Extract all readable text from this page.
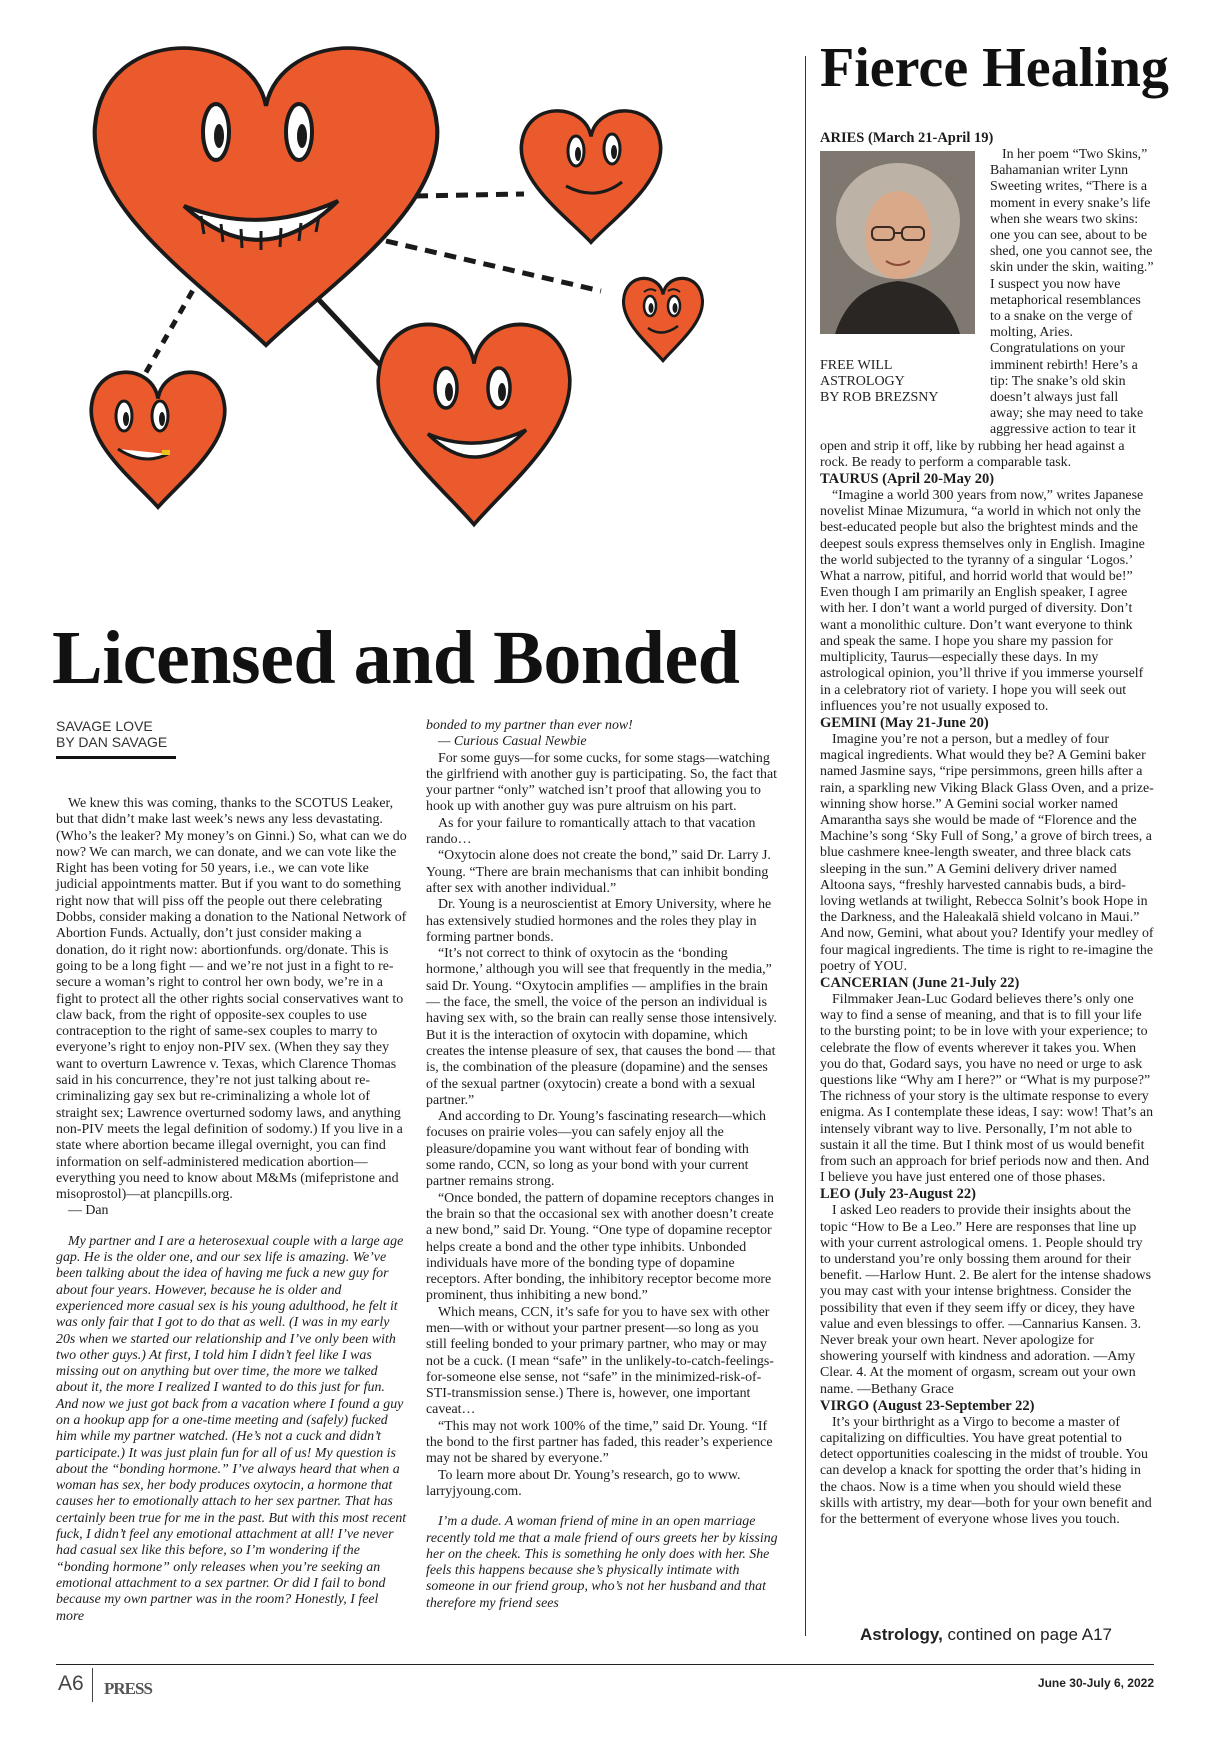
Licensed and Bonded
SAVAGE LOVE
BY DAN SAVAGE

We knew this was coming, thanks to the SCOTUS Leaker, but that didn’t make last week’s news any less devastating. (Who’s the leaker? My money’s on Ginni.) So, what can we do now? We can march, we can donate, and we can vote like the Right has been voting for 50 years, i.e., we can vote like judicial appointments matter. But if you want to do something right now that will piss off the people out there celebrating Dobbs, consider making a donation to the National Network of Abortion Funds. Actually, don’t just consider making a donation, do it right now: abortionfunds. org/donate. This is going to be a long fight — and we’re not just in a fight to re-secure a woman’s right to control her own body, we’re in a fight to protect all the other rights social conservatives want to claw back, from the right of opposite-sex couples to use contraception to the right of same-sex couples to marry to everyone’s right to enjoy non-PIV sex. (When they say they want to overturn Lawrence v. Texas, which Clarence Thomas said in his concurrence, they’re not just talking about re-criminalizing gay sex but re-criminalizing a whole lot of straight sex; Lawrence overturned sodomy laws, and anything non-PIV meets the legal definition of sodomy.) If you live in a state where abortion became illegal overnight, you can find information on self-administered medication abortion—everything you need to know about M&Ms (mifepristone and misoprostol)—at plancpills.org.

— Dan

My partner and I are a heterosexual couple with a large age gap. He is the older one, and our sex life is amazing. We’ve been talking about the idea of having me fuck a new guy for about four years. However, because he is older and experienced more casual sex is his young adulthood, he felt it was only fair that I got to do that as well. (I was in my early 20s when we started our relationship and I’ve only been with two other guys.) At first, I told him I didn’t feel like I was missing out on anything but over time, the more we talked about it, the more I realized I wanted to do this just for fun. And now we just got back from a vacation where I found a guy on a hookup app for a one-time meeting and (safely) fucked him while my partner watched. (He’s not a cuck and didn’t participate.) It was just plain fun for all of us! My question is about the “bonding hormone.” I’ve always heard that when a woman has sex, her body produces oxytocin, a hormone that causes her to emotionally attach to her sex partner. That has certainly been true for me in the past. But with this most recent fuck, I didn’t feel any emotional attachment at all! I’ve never had casual sex like this before, so I’m wondering if the “bonding hormone” only releases when you’re seeking an emotional attachment to a sex partner. Or did I fail to bond because my own partner was in the room? Honestly, I feel more

bonded to my partner than ever now!

— Curious Casual Newbie

For some guys—for some cucks, for some stags—watching the girlfriend with another guy is participating. So, the fact that your partner “only” watched isn’t proof that allowing you to hook up with another guy was pure altruism on his part.

As for your failure to romantically attach to that vacation rando…

“Oxytocin alone does not create the bond,” said Dr. Larry J. Young. “There are brain mechanisms that can inhibit bonding after sex with another individual.”

Dr. Young is a neuroscientist at Emory University, where he has extensively studied hormones and the roles they play in forming partner bonds.

“It’s not correct to think of oxytocin as the ‘bonding hormone,’ although you will see that frequently in the media,” said Dr. Young. “Oxytocin amplifies — amplifies in the brain — the face, the smell, the voice of the person an individual is having sex with, so the brain can really sense those intensively. But it is the interaction of oxytocin with dopamine, which creates the intense pleasure of sex, that causes the bond — that is, the combination of the pleasure (dopamine) and the senses of the sexual partner (oxytocin) create a bond with a sexual partner.”

And according to Dr. Young’s fascinating research—which focuses on prairie voles—you can safely enjoy all the pleasure/dopamine you want without fear of bonding with some rando, CCN, so long as your bond with your current partner remains strong.

“Once bonded, the pattern of dopamine receptors changes in the brain so that the occasional sex with another doesn’t create a new bond,” said Dr. Young. “One type of dopamine receptor helps create a bond and the other type inhibits. Unbonded individuals have more of the bonding type of dopamine receptors. After bonding, the inhibitory receptor become more prominent, thus inhibiting a new bond.”

Which means, CCN, it’s safe for you to have sex with other men—with or without your partner present—so long as you still feeling bonded to your primary partner, who may or may not be a cuck. (I mean “safe” in the unlikely-to-catch-feelings-for-someone else sense, not “safe” in the minimized-risk-of-STI-transmission sense.) There is, however, one important caveat…

“This may not work 100% of the time,” said Dr. Young. “If the bond to the first partner has faded, this reader’s experience may not be shared by everyone.”

To learn more about Dr. Young’s research, go to www. larryjyoung.com.

I’m a dude. A woman friend of mine in an open marriage recently told me that a male friend of ours greets her by kissing her on the cheek. This is something he only does with her. She feels this happens because she’s physically intimate with someone in our friend group, who’s not her husband and that therefore my friend sees

Fierce Healing
ARIES (March 21-April 19)
FREE WILL
ASTROLOGY
BY ROB BREZSNY

In her poem “Two Skins,” Bahamanian writer Lynn Sweeting writes, “There is a moment in every snake’s life when she wears two skins: one you can see, about to be shed, one you cannot see, the skin under the skin, waiting.” I suspect you now have metaphorical resemblances to a snake on the verge of molting, Aries. Congratulations on your imminent rebirth! Here’s a tip: The snake’s old skin doesn’t always just fall away; she may need to take aggressive action to tear it open and strip it off, like by rubbing her head against a rock. Be ready to perform a comparable task.

TAURUS (April 20-May 20)

“Imagine a world 300 years from now,” writes Japanese novelist Minae Mizumura, “a world in which not only the best-educated people but also the brightest minds and the deepest souls express themselves only in English. Imagine the world subjected to the tyranny of a singular ‘Logos.’ What a narrow, pitiful, and horrid world that would be!” Even though I am primarily an English speaker, I agree with her. I don’t want a world purged of diversity. Don’t want a monolithic culture. Don’t want everyone to think and speak the same. I hope you share my passion for multiplicity, Taurus—especially these days. In my astrological opinion, you’ll thrive if you immerse yourself in a celebratory riot of variety. I hope you will seek out influences you’re not usually exposed to.

GEMINI (May 21-June 20)

Imagine you’re not a person, but a medley of four magical ingredients. What would they be? A Gemini baker named Jasmine says, “ripe persimmons, green hills after a rain, a sparkling new Viking Black Glass Oven, and a prize-winning show horse.” A Gemini social worker named Amarantha says she would be made of “Florence and the Machine’s song ‘Sky Full of Song,’ a grove of birch trees, a blue cashmere knee-length sweater, and three black cats sleeping in the sun.” A Gemini delivery driver named Altoona says, “freshly harvested cannabis buds, a bird-loving wetlands at twilight, Rebecca Solnit’s book Hope in the Darkness, and the Haleakalā shield volcano in Maui.” And now, Gemini, what about you? Identify your medley of four magical ingredients. The time is right to re-imagine the poetry of YOU.

CANCERIAN (June 21-July 22)

Filmmaker Jean-Luc Godard believes there’s only one way to find a sense of meaning, and that is to fill your life to the bursting point; to be in love with your experience; to celebrate the flow of events wherever it takes you. When you do that, Godard says, you have no need or urge to ask questions like “Why am I here?” or “What is my purpose?” The richness of your story is the ultimate response to every enigma. As I contemplate these ideas, I say: wow! That’s an intensely vibrant way to live. Personally, I’m not able to sustain it all the time. But I think most of us would benefit from such an approach for brief periods now and then. And I believe you have just entered one of those phases.

LEO (July 23-August 22)

I asked Leo readers to provide their insights about the topic “How to Be a Leo.” Here are responses that line up with your current astrological omens. 1. People should try to understand you’re only bossing them around for their benefit. —Harlow Hunt. 2. Be alert for the intense shadows you may cast with your intense brightness. Consider the possibility that even if they seem iffy or dicey, they have value and even blessings to offer. —Cannarius Kansen. 3. Never break your own heart. Never apologize for showering yourself with kindness and adoration. —Amy Clear. 4. At the moment of orgasm, scream out your own name. —Bethany Grace

VIRGO (August 23-September 22)

It’s your birthright as a Virgo to become a master of capitalizing on difficulties. You have great potential to detect opportunities coalescing in the midst of trouble. You can develop a knack for spotting the order that’s hiding in the chaos. Now is a time when you should wield these skills with artistry, my dear—both for your own benefit and for the betterment of everyone whose lives you touch.

Astrology, contined on page A17
A6 PRESS	June 30-July 6, 2022
